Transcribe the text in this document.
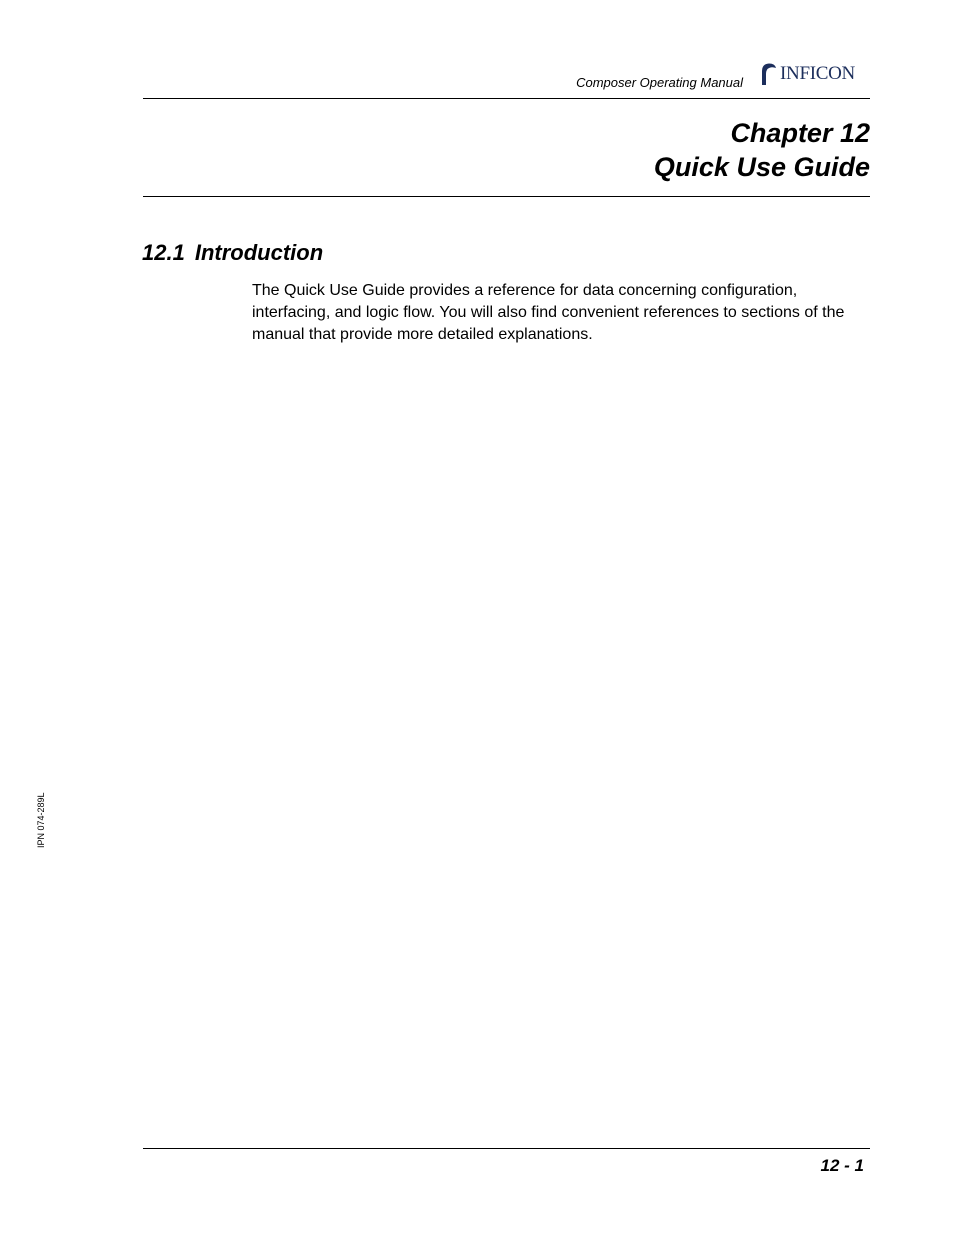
Composer Operating Manual INFICON
Chapter 12
Quick Use Guide
12.1 Introduction

The Quick Use Guide provides a reference for data concerning configuration, interfacing, and logic flow. You will also find convenient references to sections of the manual that provide more detailed explanations.

IPN 074-289L
12 - 1
